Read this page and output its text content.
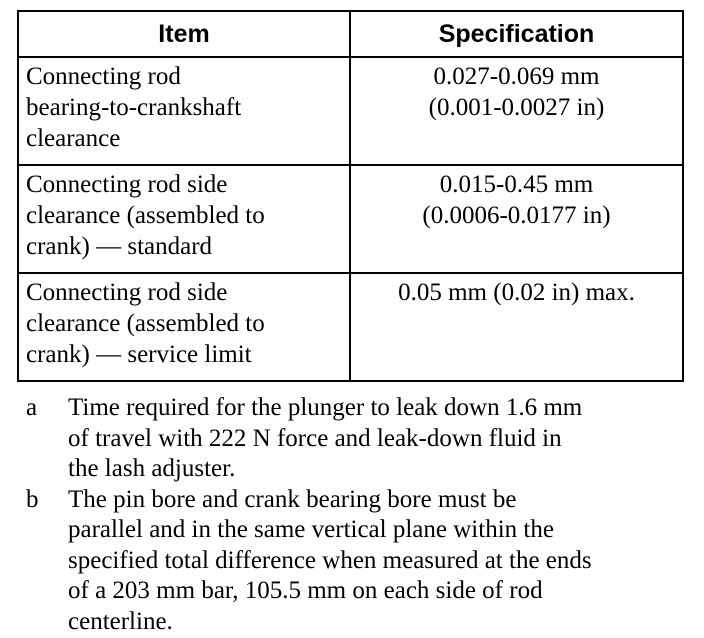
Item	Specification

Connecting rod
bearing-to-crankshaft
clearance	0.027-0.069 mm
(0.001-0.0027 in)

Connecting rod side
clearance (assembled to
crank) — standard	0.015-0.45 mm
(0.0006-0.0177 in)

Connecting rod side
clearance (assembled to
crank) — service limit	0.05 mm (0.02 in) max.
a	Time required for the plunger to leak down 1.6 mm
of travel with 222 N force and leak-down fluid in
the lash adjuster.
b	The pin bore and crank bearing bore must be
parallel and in the same vertical plane within the
specified total difference when measured at the ends
of a 203 mm bar, 105.5 mm on each side of rod
centerline.
